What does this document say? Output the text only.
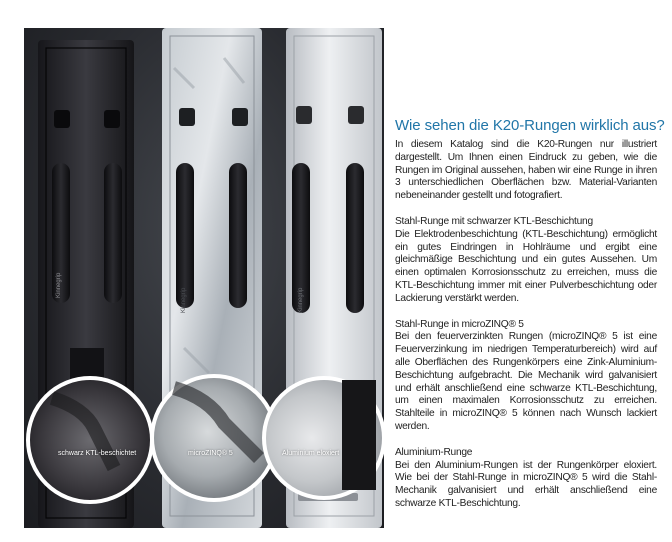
Kinnegrip
Kinnegrip	Kinnegrip
schwarz KTL-beschichtet	microZINQ® 5	Aluminium eloxiert
Wie sehen die K20-Rungen wirklich aus?

In diesem Katalog sind die K20-Rungen nur illustriert dargestellt. Um Ihnen einen Eindruck zu geben, wie die Rungen im Original aussehen, haben wir eine Runge in ihren 3 unterschiedlichen Oberflächen bzw. Material-Varianten nebeneinander gestellt und fotografiert.

Stahl-Runge mit schwarzer KTL-Beschichtung

Die Elektrodenbeschichtung (KTL-Beschichtung) ermöglicht ein gutes Eindringen in Hohlräume und ergibt eine gleichmäßige Beschichtung und ein gutes Aussehen. Um einen optimalen Korrosionsschutz zu erreichen, muss die KTL-Beschichtung immer mit einer Pulverbeschichtung oder Lackierung verstärkt werden.

Stahl-Runge in microZINQ® 5

Bei den feuerverzinkten Rungen (microZINQ® 5 ist eine Feuerverzinkung im niedrigen Temperaturbereich) wird auf alle Oberflächen des Rungenkörpers eine Zink-Aluminium-Beschichtung aufgebracht. Die Mechanik wird galvanisiert und erhält anschließend eine schwarze KTL-Beschichtung, um einen maximalen Korrosionsschutz zu erreichen. Stahlteile in microZINQ® 5 können nach Wunsch lackiert werden.

Aluminium-Runge

Bei den Aluminium-Rungen ist der Rungenkörper eloxiert. Wie bei der Stahl-Runge in microZINQ® 5 wird die Stahl-Mechanik galvanisiert und erhält anschließend eine schwarze KTL-Beschichtung.
